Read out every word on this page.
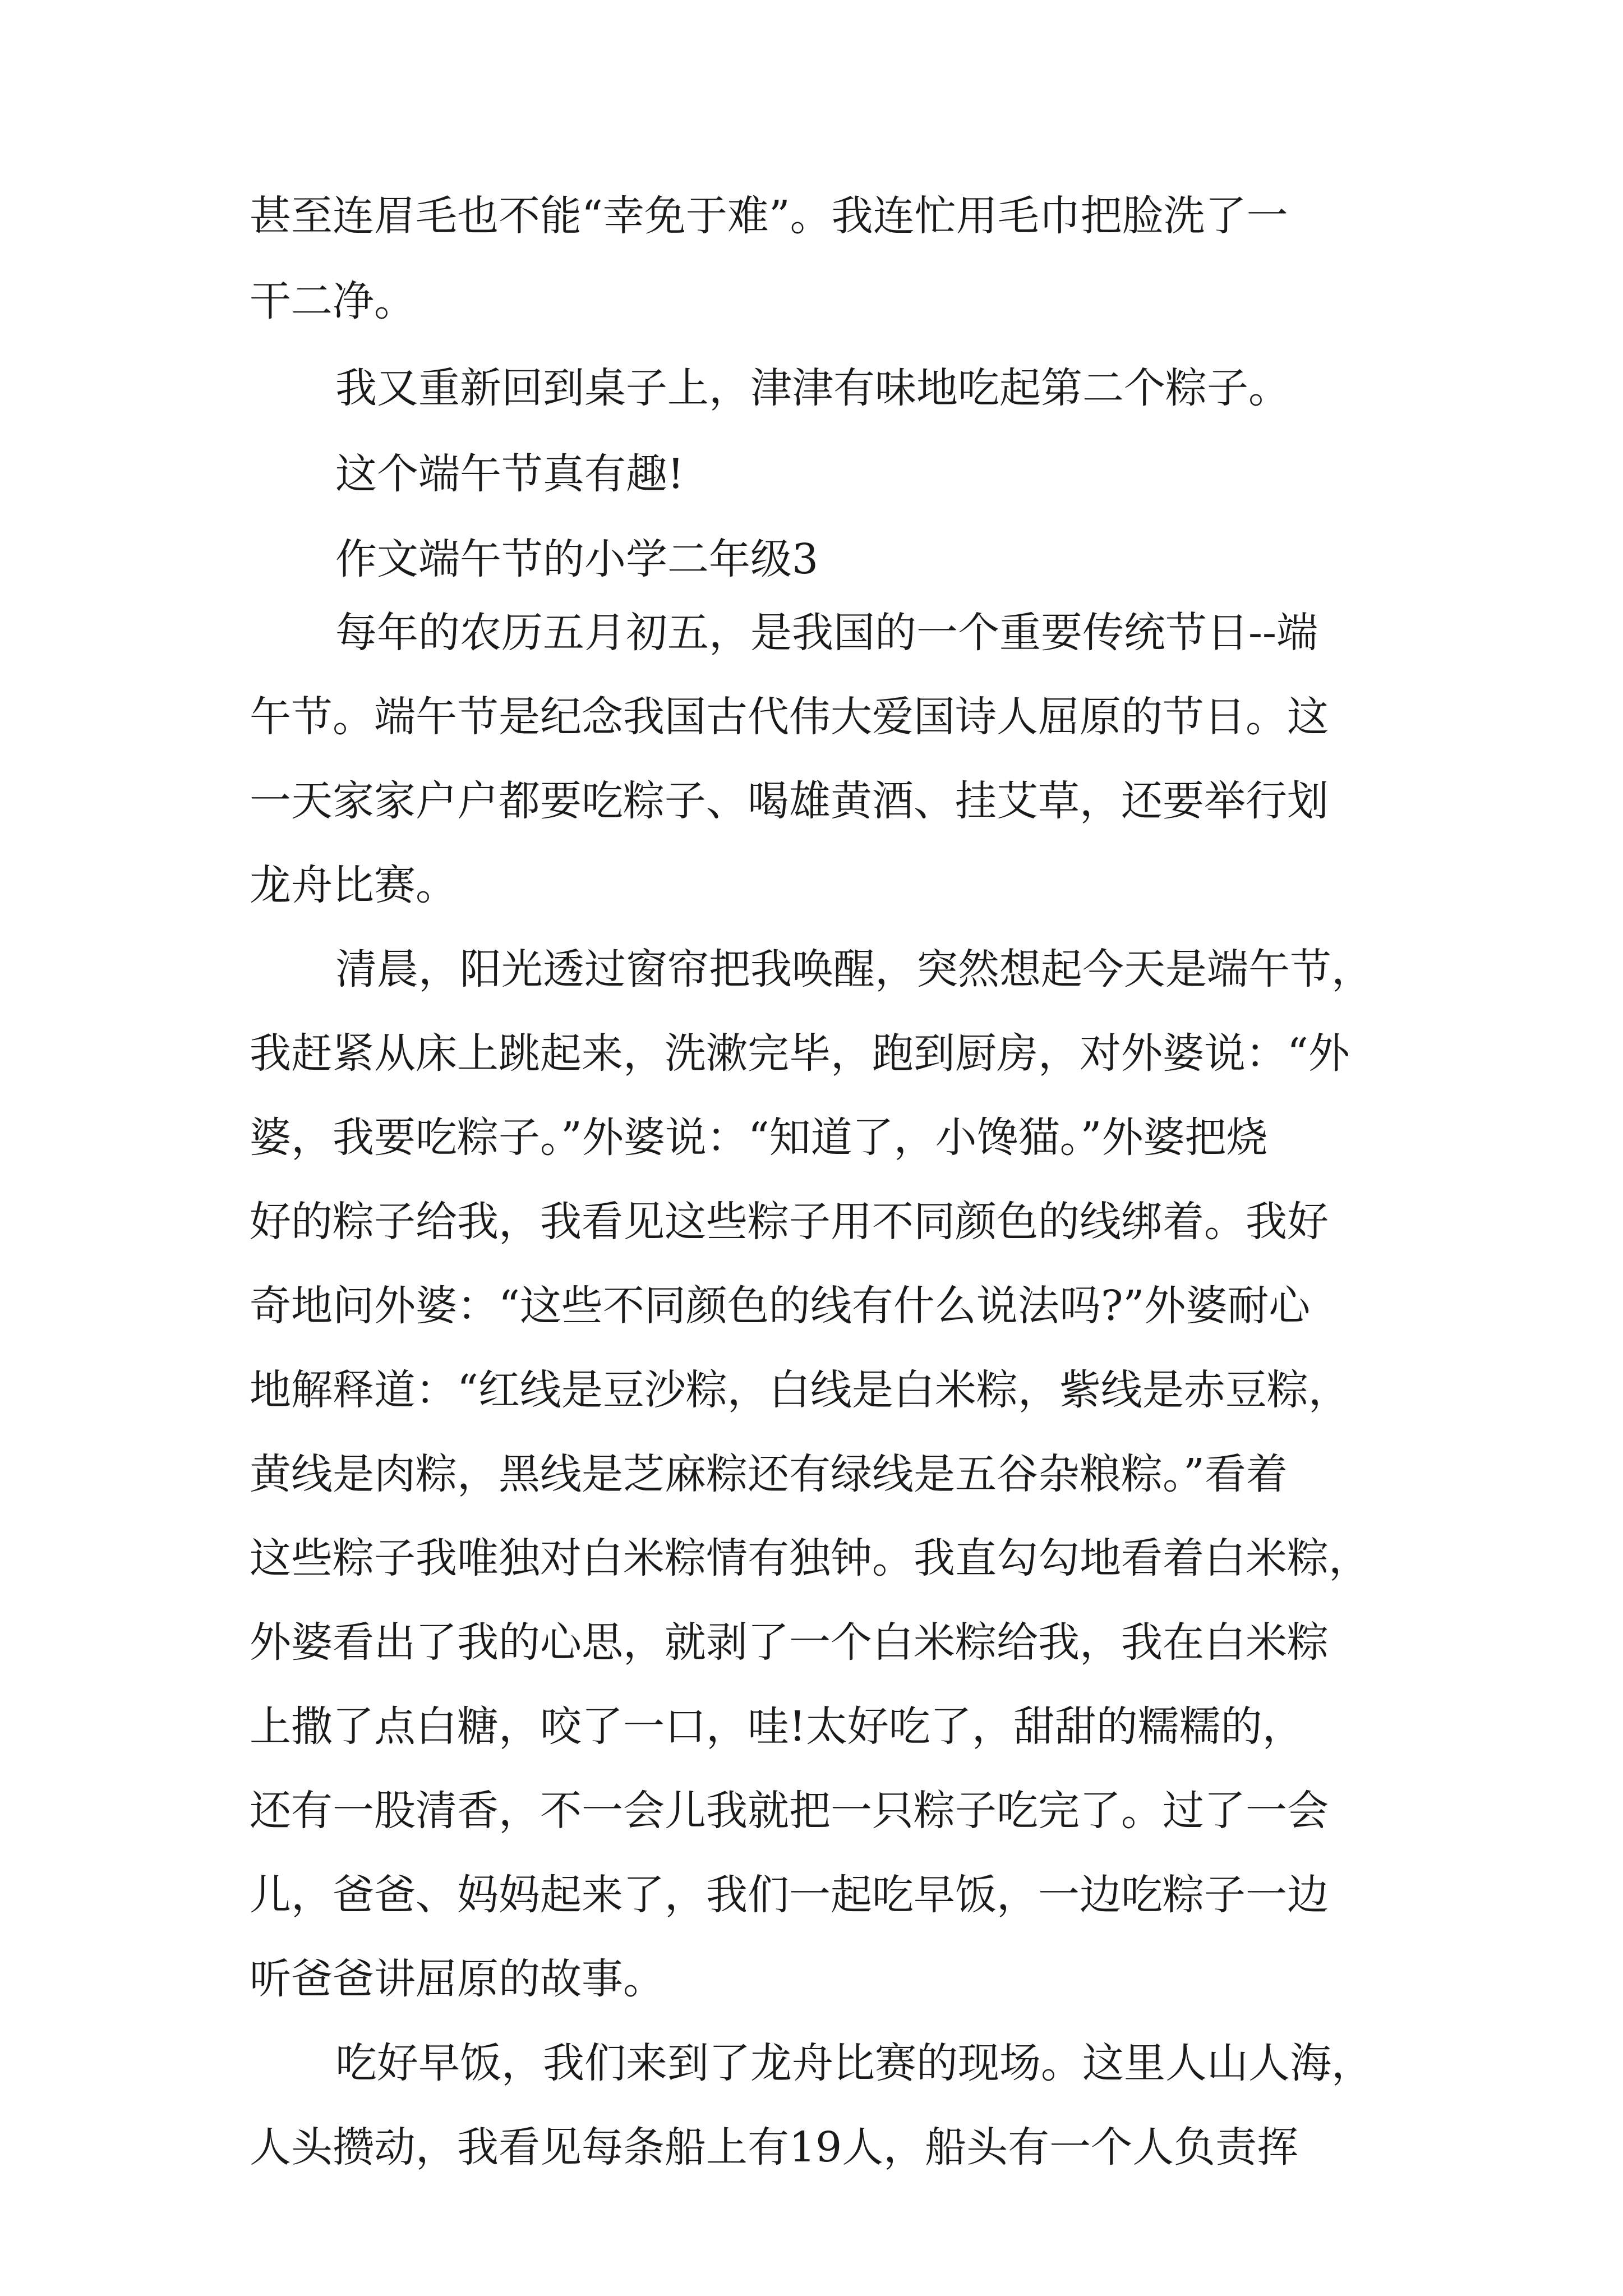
甚至连眉毛也不能“幸免于难”。我连忙用毛巾把脸洗了一
干二净。
我又重新回到桌子上，津津有味地吃起第二个粽子。
这个端午节真有趣!
作文端午节的小学二年级3
每年的农历五月初五，是我国的一个重要传统节日--端
午节。端午节是纪念我国古代伟大爱国诗人屈原的节日。这
一天家家户户都要吃粽子、喝雄黄酒、挂艾草，还要举行划
龙舟比赛。
清晨，阳光透过窗帘把我唤醒，突然想起今天是端午节，
我赶紧从床上跳起来，洗漱完毕，跑到厨房，对外婆说：“外
婆，我要吃粽子。”外婆说：“知道了，小馋猫。”外婆把烧
好的粽子给我，我看见这些粽子用不同颜色的线绑着。我好
奇地问外婆：“这些不同颜色的线有什么说法吗?”外婆耐心
地解释道：“红线是豆沙粽，白线是白米粽，紫线是赤豆粽，
黄线是肉粽，黑线是芝麻粽还有绿线是五谷杂粮粽。”看着
这些粽子我唯独对白米粽情有独钟。我直勾勾地看着白米粽，
外婆看出了我的心思，就剥了一个白米粽给我，我在白米粽
上撒了点白糖，咬了一口，哇!太好吃了，甜甜的糯糯的，
还有一股清香，不一会儿我就把一只粽子吃完了。过了一会
儿，爸爸、妈妈起来了，我们一起吃早饭，一边吃粽子一边
听爸爸讲屈原的故事。
吃好早饭，我们来到了龙舟比赛的现场。这里人山人海，
人头攒动，我看见每条船上有19人，船头有一个人负责挥
